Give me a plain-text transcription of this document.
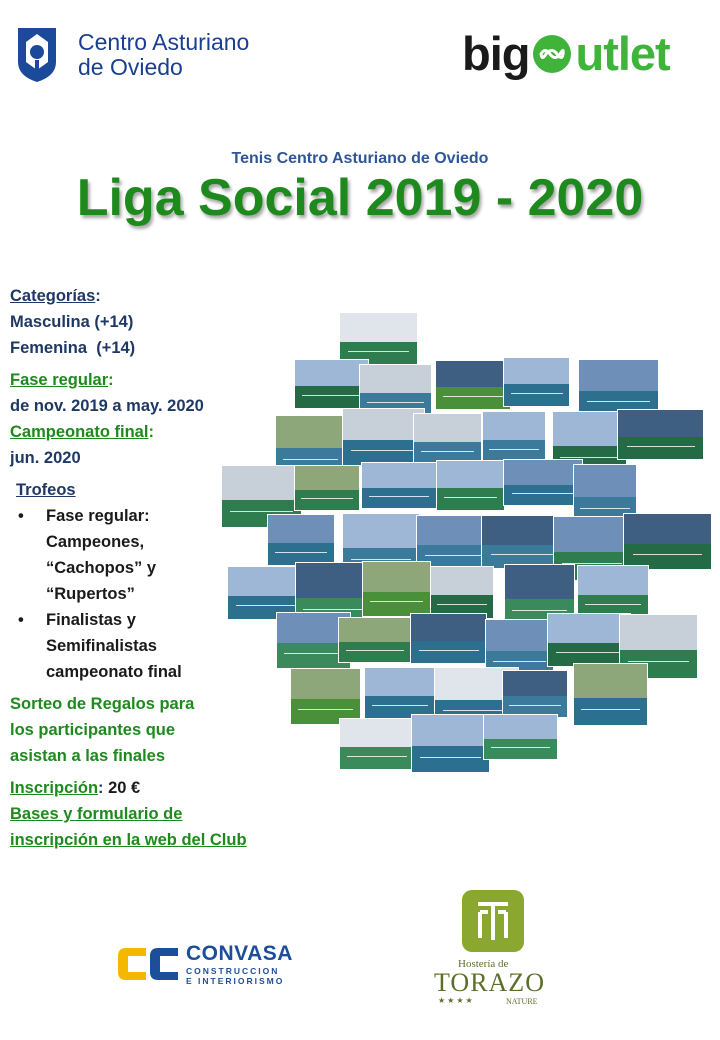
Centro Asturiano
de Oviedo	big utlet
Tenis Centro Asturiano de Oviedo
Liga Social 2019 - 2020
Categorías:
Masculina (+14)
Femenina  (+14)
Fase regular:
de nov. 2019 a may. 2020
Campeonato final:
jun. 2020
Trofeos
• Fase regular:
Campeones,
“Cachopos” y
“Rupertos”
• Finalistas y
Semifinalistas
campeonato final
Sorteo de Regalos para
los participantes que
asistan a las finales
Inscripción: 20 €
Bases y formulario de
inscripción en la web del Club
CONVASA
CONSTRUCCION
E INTERIORISMO
Hostería de
TORAZO
★★★★	NATURE
